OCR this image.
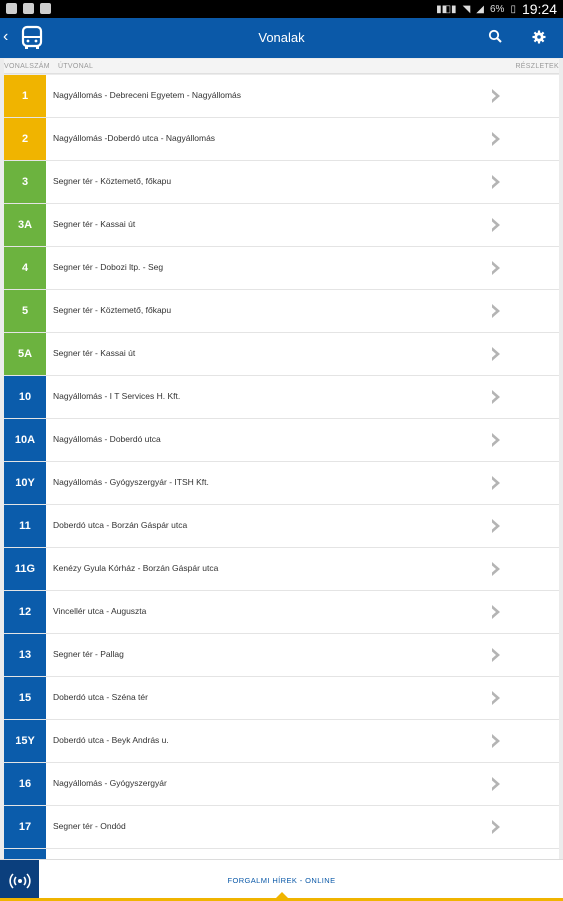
▮◧▮ ◥ ◢ 6% ▯ 19:24
‹	Vonalak
VONALSZÁM ÚTVONAL	RÉSZLETEK
1	Nagyállomás - Debreceni Egyetem - Nagyállomás
2	Nagyállomás -Doberdó utca - Nagyállomás
3	Segner tér - Köztemető, főkapu
3A	Segner tér - Kassai út
4	Segner tér - Dobozi ltp. - Seg
5	Segner tér - Köztemető, főkapu
5A	Segner tér - Kassai út
10	Nagyállomás - I T Services H. Kft.
10A	Nagyállomás - Doberdó utca
10Y	Nagyállomás - Gyógyszergyár - ITSH Kft.
11	Doberdó utca - Borzán Gáspár utca
11G	Kenézy Gyula Kórház - Borzán Gáspár utca
12	Vincellér utca - Auguszta
13	Segner tér - Pallag
15	Doberdó utca - Széna tér
15Y	Doberdó utca - Beyk András u.
16	Nagyállomás - Gyógyszergyár
17	Segner tér - Ondód
FORGALMI HÍREK - ONLINE
